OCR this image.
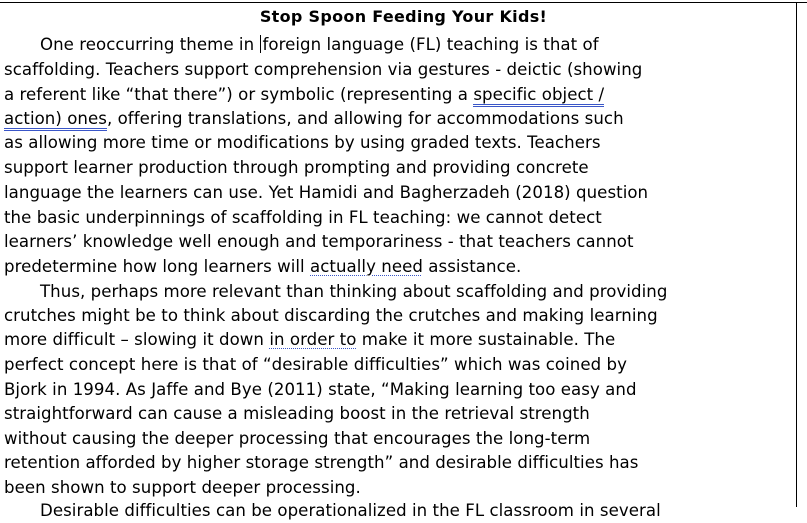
Stop Spoon Feeding Your Kids!
One reoccurring theme in foreign language (FL) teaching is that of
scaffolding. Teachers support comprehension via gestures - deictic (showing
a referent like “that there”) or symbolic (representing a specific object /
action) ones, offering translations, and allowing for accommodations such
as allowing more time or modifications by using graded texts. Teachers
support learner production through prompting and providing concrete
language the learners can use. Yet Hamidi and Bagherzadeh (2018) question
the basic underpinnings of scaffolding in FL teaching: we cannot detect
learners’ knowledge well enough and temporariness - that teachers cannot
predetermine how long learners will actually need assistance.
Thus, perhaps more relevant than thinking about scaffolding and providing
crutches might be to think about discarding the crutches and making learning
more difficult – slowing it down in order to make it more sustainable. The
perfect concept here is that of “desirable difficulties” which was coined by
Bjork in 1994. As Jaffe and Bye (2011) state, “Making learning too easy and
straightforward can cause a misleading boost in the retrieval strength
without causing the deeper processing that encourages the long-term
retention afforded by higher storage strength” and desirable difficulties has
been shown to support deeper processing.
Desirable difficulties can be operationalized in the FL classroom in several
